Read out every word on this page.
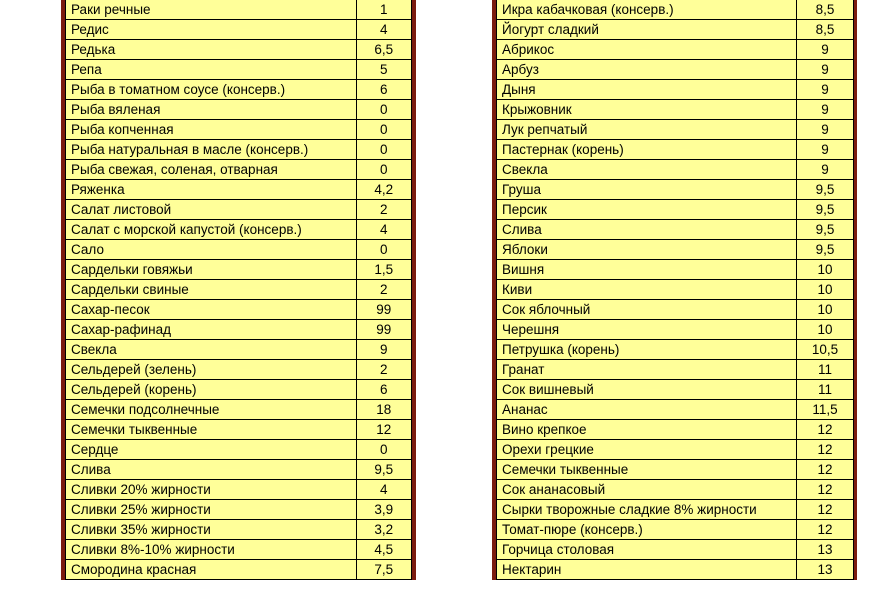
Раки речные	1
Редис	4
Редька	6,5
Репа	5
Рыба в томатном соусе (консерв.)	6
Рыба вяленая	0
Рыба копченная	0
Рыба натуральная в масле (консерв.)	0
Рыба свежая, соленая, отварная	0
Ряженка	4,2
Салат листовой	2
Салат с морской капустой (консерв.)	4
Сало	0
Сардельки говяжьи	1,5
Сардельки свиные	2
Сахар-песок	99
Сахар-рафинад	99
Свекла	9
Сельдерей (зелень)	2
Сельдерей (корень)	6
Семечки подсолнечные	18
Семечки тыквенные	12
Сердце	0
Слива	9,5
Сливки 20% жирности	4
Сливки 25% жирности	3,9
Сливки 35% жирности	3,2
Сливки 8%-10% жирности	4,5
Смородина красная	7,5
Икра кабачковая (консерв.)	8,5
Йогурт сладкий	8,5
Абрикос	9
Арбуз	9
Дыня	9
Крыжовник	9
Лук репчатый	9
Пастернак (корень)	9
Свекла	9
Груша	9,5
Персик	9,5
Слива	9,5
Яблоки	9,5
Вишня	10
Киви	10
Сок яблочный	10
Черешня	10
Петрушка (корень)	10,5
Гранат	11
Сок вишневый	11
Ананас	11,5
Вино крепкое	12
Орехи грецкие	12
Семечки тыквенные	12
Сок ананасовый	12
Сырки творожные сладкие 8% жирности	12
Томат-пюре (консерв.)	12
Горчица столовая	13
Нектарин	13
